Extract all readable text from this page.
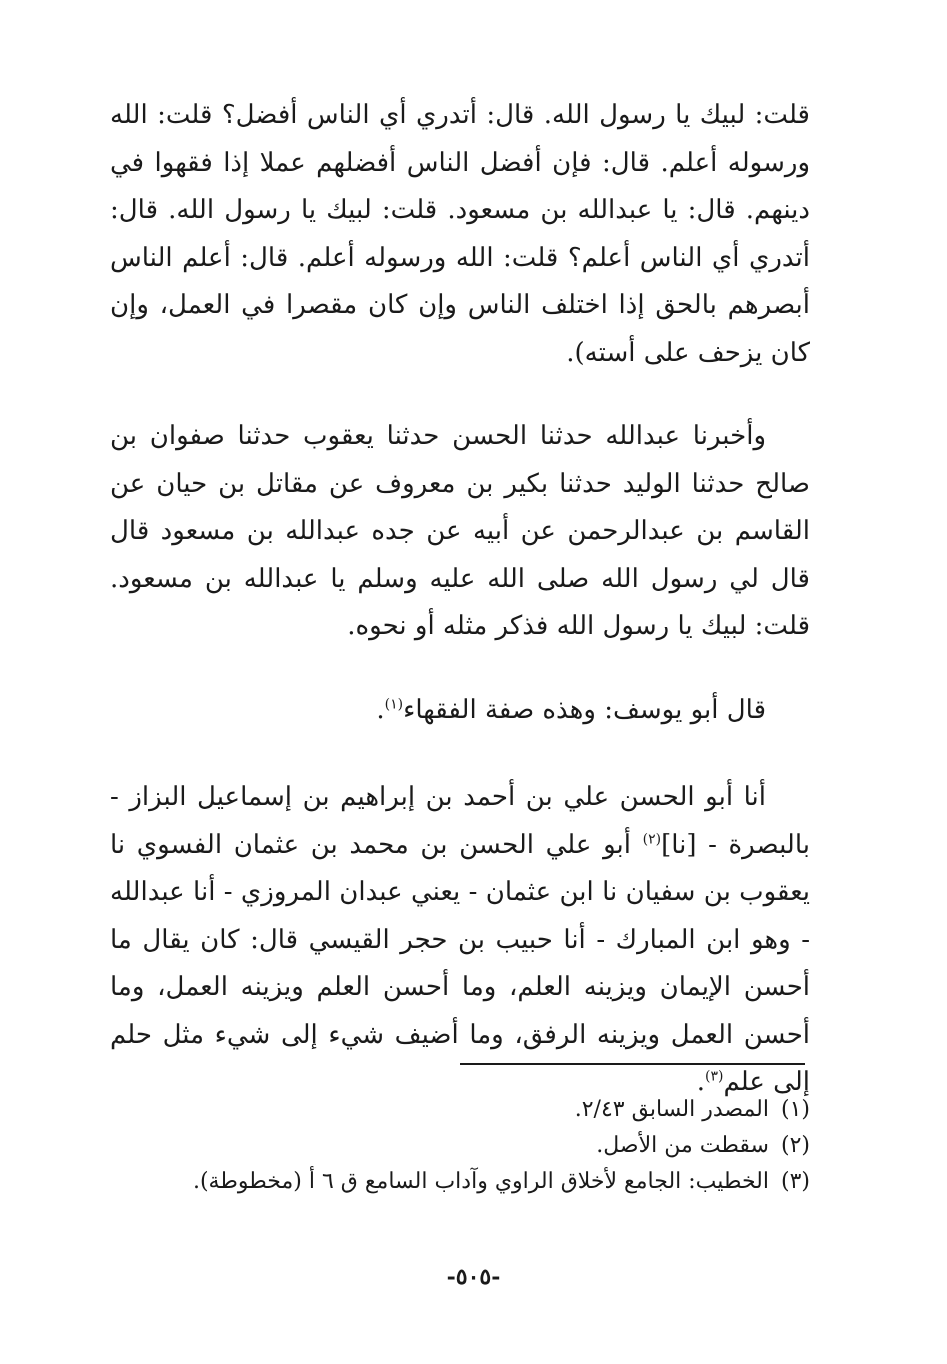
قلت: لبيك يا رسول الله. قال: أتدري أي الناس أفضل؟ قلت: الله ورسوله أعلم. قال: فإن أفضل الناس أفضلهم عملا إذا فقهوا في دينهم. قال: يا عبدالله بن مسعود. قلت: لبيك يا رسول الله. قال: أتدري أي الناس أعلم؟ قلت: الله ورسوله أعلم. قال: أعلم الناس أبصرهم بالحق إذا اختلف الناس وإن كان مقصرا في العمل، وإن كان يزحف على أسته).

وأخبرنا عبدالله حدثنا الحسن حدثنا يعقوب حدثنا صفوان بن صالح حدثنا الوليد حدثنا بكير بن معروف عن مقاتل بن حيان عن القاسم بن عبدالرحمن عن أبيه عن جده عبدالله بن مسعود قال قال لي رسول الله صلى الله عليه وسلم يا عبدالله بن مسعود. قلت: لبيك يا رسول الله فذكر مثله أو نحوه.

قال أبو يوسف: وهذه صفة الفقهاء$^{(١)}$.

أنا أبو الحسن علي بن أحمد بن إبراهيم بن إسماعيل البزاز - بالبصرة - [نا]$^{(٢)}$ أبو علي الحسن بن محمد بن عثمان الفسوي نا يعقوب بن سفيان نا ابن عثمان - يعني عبدان المروزي - أنا عبدالله - وهو ابن المبارك - أنا حبيب بن حجر القيسي قال: كان يقال ما أحسن الإيمان ويزينه العلم، وما أحسن العلم ويزينه العمل، وما أحسن العمل ويزينه الرفق، وما أضيف شيء إلى شيء مثل حلم إلى علم$^{(٣)}$.

(١)
المصدر السابق ٢/٤٣.
(٢)
سقطت من الأصل.
(٣)
الخطيب: الجامع لأخلاق الراوي وآداب السامع ق ٦ أ (مخطوطة).
-٥٠٥-
